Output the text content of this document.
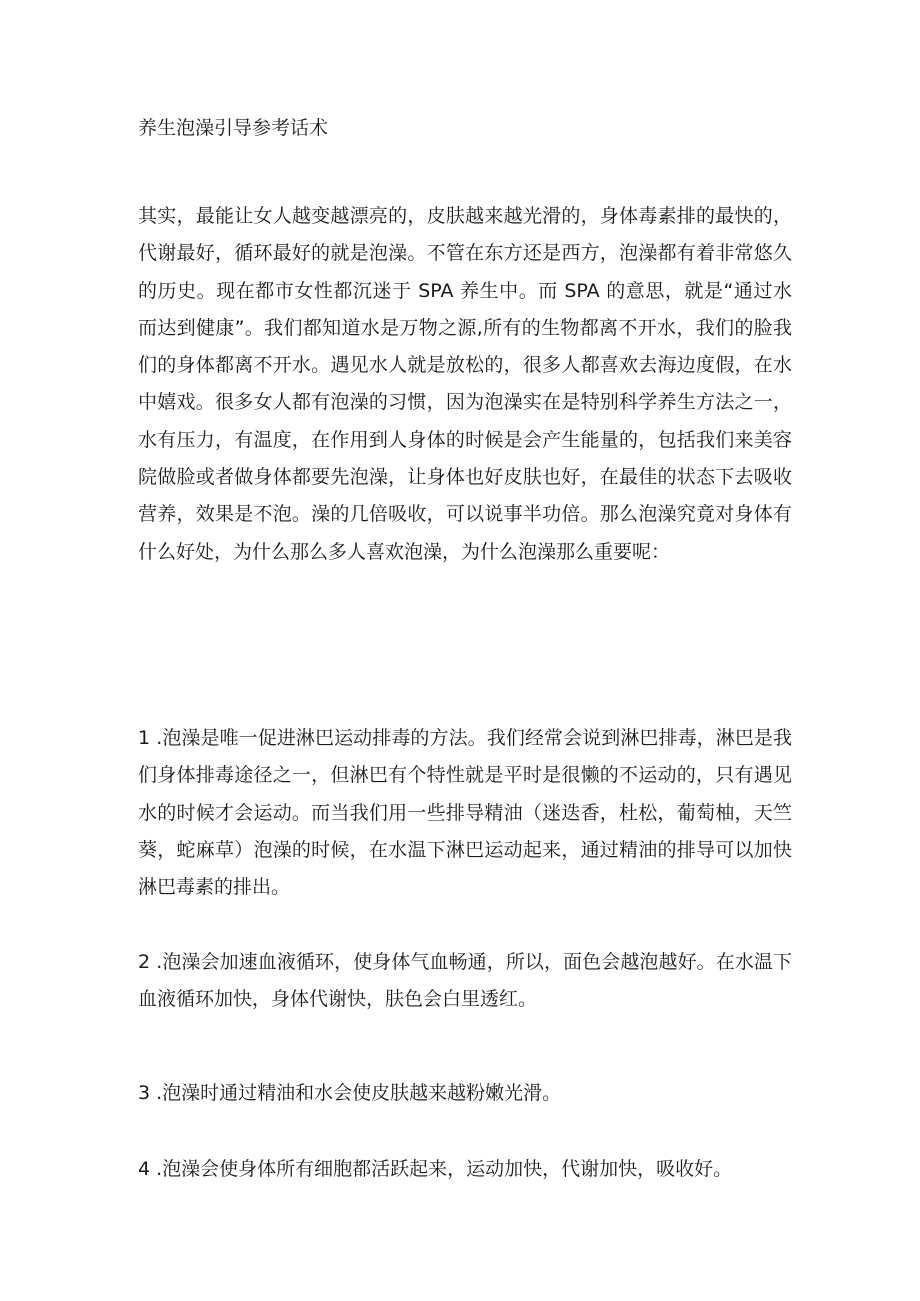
养生泡澡引导参考话术

其实，最能让女人越变越漂亮的，皮肤越来越光滑的，身体毒素排的最快的，代谢最好，循环最好的就是泡澡。不管在东方还是西方，泡澡都有着非常悠久的历史。现在都市女性都沉迷于 SPA 养生中。而 SPA 的意思，就是“通过水而达到健康”。我们都知道水是万物之源,所有的生物都离不开水，我们的脸我们的身体都离不开水。遇见水人就是放松的，很多人都喜欢去海边度假，在水中嬉戏。很多女人都有泡澡的习惯，因为泡澡实在是特别科学养生方法之一，水有压力，有温度，在作用到人身体的时候是会产生能量的，包括我们来美容院做脸或者做身体都要先泡澡，让身体也好皮肤也好，在最佳的状态下去吸收营养，效果是不泡。澡的几倍吸收，可以说事半功倍。那么泡澡究竟对身体有什么好处，为什么那么多人喜欢泡澡，为什么泡澡那么重要呢：

1 .泡澡是唯一促进淋巴运动排毒的方法。我们经常会说到淋巴排毒，淋巴是我们身体排毒途径之一，但淋巴有个特性就是平时是很懒的不运动的，只有遇见水的时候才会运动。而当我们用一些排导精油（迷迭香，杜松，葡萄柚，天竺葵，蛇麻草）泡澡的时候，在水温下淋巴运动起来，通过精油的排导可以加快淋巴毒素的排出。

2 .泡澡会加速血液循环，使身体气血畅通，所以，面色会越泡越好。在水温下血液循环加快，身体代谢快，肤色会白里透红。

3 .泡澡时通过精油和水会使皮肤越来越粉嫩光滑。

4 .泡澡会使身体所有细胞都活跃起来，运动加快，代谢加快，吸收好。
